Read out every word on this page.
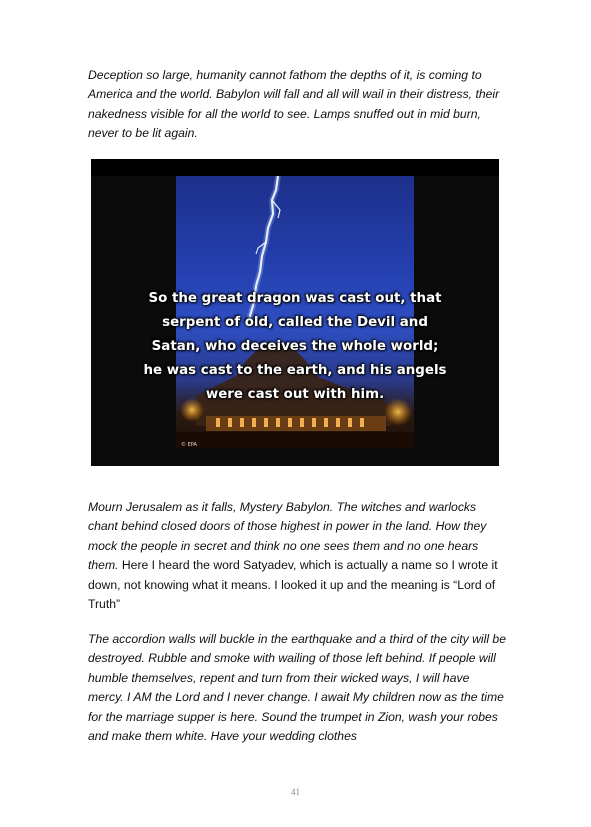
Deception so large, humanity cannot fathom the depths of it, is coming to America and the world. Babylon will fall and all will wail in their distress, their nakedness visible for all the world to see. Lamps snuffed out in mid burn, never to be lit again.

So the great dragon was cast out, that
serpent of old, called the Devil and
Satan, who deceives the whole world;
he was cast to the earth, and his angels
were cast out with him.
© EPA

Mourn Jerusalem as it falls, Mystery Babylon. The witches and warlocks chant behind closed doors of those highest in power in the land. How they mock the people in secret and think no one sees them and no one hears them. Here I heard the word Satyadev, which is actually a name so I wrote it down, not knowing what it means. I looked it up and the meaning is “Lord of Truth”

The accordion walls will buckle in the earthquake and a third of the city will be destroyed. Rubble and smoke with wailing of those left behind. If people will humble themselves, repent and turn from their wicked ways, I will have mercy. I AM the Lord and I never change. I await My children now as the time for the marriage supper is here. Sound the trumpet in Zion, wash your robes and make them white. Have your wedding clothes

41
